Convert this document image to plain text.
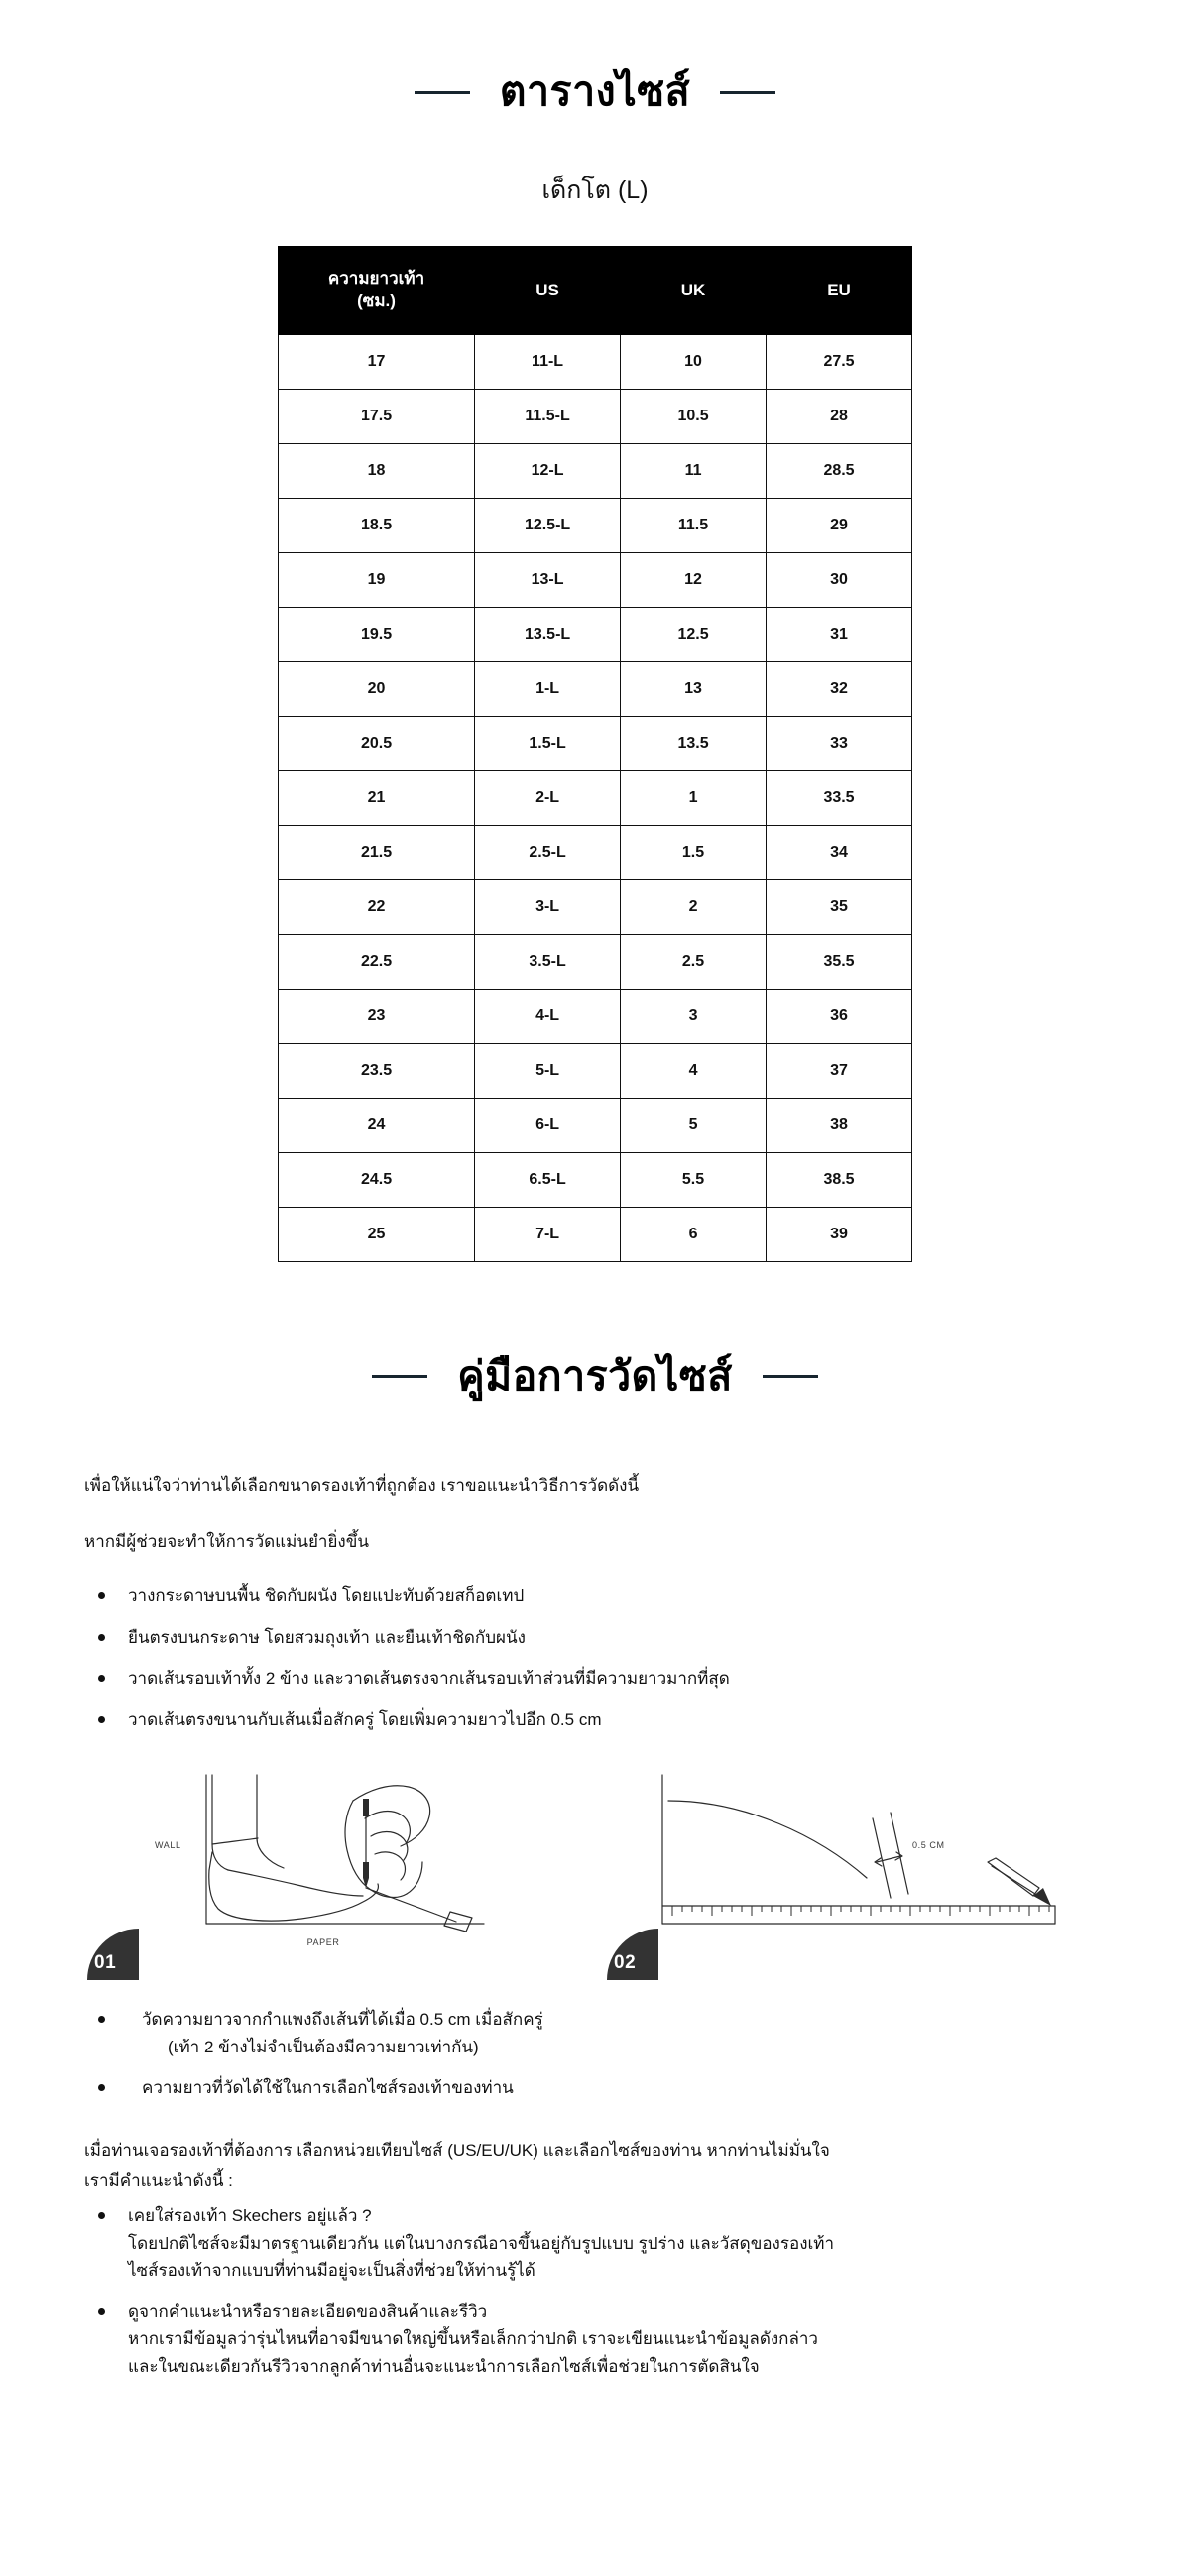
ตารางไซส์
เด็กโต (L)
ความยาวเท้า
(ซม.)	US	UK	EU
17	11-L	10	27.5
17.5	11.5-L	10.5	28
18	12-L	11	28.5
18.5	12.5-L	11.5	29
19	13-L	12	30
19.5	13.5-L	12.5	31
20	1-L	13	32
20.5	1.5-L	13.5	33
21	2-L	1	33.5
21.5	2.5-L	1.5	34
22	3-L	2	35
22.5	3.5-L	2.5	35.5
23	4-L	3	36
23.5	5-L	4	37
24	6-L	5	38
24.5	6.5-L	5.5	38.5
25	7-L	6	39
คู่มือการวัดไซส์

เพื่อให้แน่ใจว่าท่านได้เลือกขนาดรองเท้าที่ถูกต้อง เราขอแนะนำวิธีการวัดดังนี้

หากมีผู้ช่วยจะทำให้การวัดแม่นยำยิ่งขึ้น

วางกระดาษบนพื้น ชิดกับผนัง โดยแปะทับด้วยสก็อตเทป
ยืนตรงบนกระดาษ โดยสวมถุงเท้า และยืนเท้าชิดกับผนัง
วาดเส้นรอบเท้าทั้ง 2 ข้าง และวาดเส้นตรงจากเส้นรอบเท้าส่วนที่มีความยาวมากที่สุด
วาดเส้นตรงขนานกับเส้นเมื่อสักครู่ โดยเพิ่มความยาวไปอีก 0.5 cm
WALL
PAPER
01
0.5 CM
02
วัดความยาวจากกำแพงถึงเส้นที่ได้เมื่อ 0.5 cm เมื่อสักครู่
(เท้า 2 ข้างไม่จำเป็นต้องมีความยาวเท่ากัน)
ความยาวที่วัดได้ใช้ในการเลือกไซส์รองเท้าของท่าน

เมื่อท่านเจอรองเท้าที่ต้องการ เลือกหน่วยเทียบไซส์ (US/EU/UK) และเลือกไซส์ของท่าน หากท่านไม่มั่นใจ

เรามีคำแนะนำดังนี้ :

เคยใส่รองเท้า Skechers อยู่แล้ว ?
โดยปกติไซส์จะมีมาตรฐานเดียวกัน แต่ในบางกรณีอาจขึ้นอยู่กับรูปแบบ รูปร่าง และวัสดุของรองเท้า
ไซส์รองเท้าจากแบบที่ท่านมีอยู่จะเป็นสิ่งที่ช่วยให้ท่านรู้ได้
ดูจากคำแนะนำหรือรายละเอียดของสินค้าและรีวิว
หากเรามีข้อมูลว่ารุ่นไหนที่อาจมีขนาดใหญ่ขึ้นหรือเล็กกว่าปกติ เราจะเขียนแนะนำข้อมูลดังกล่าว
และในขณะเดียวกันรีวิวจากลูกค้าท่านอื่นจะแนะนำการเลือกไซส์เพื่อช่วยในการตัดสินใจ
